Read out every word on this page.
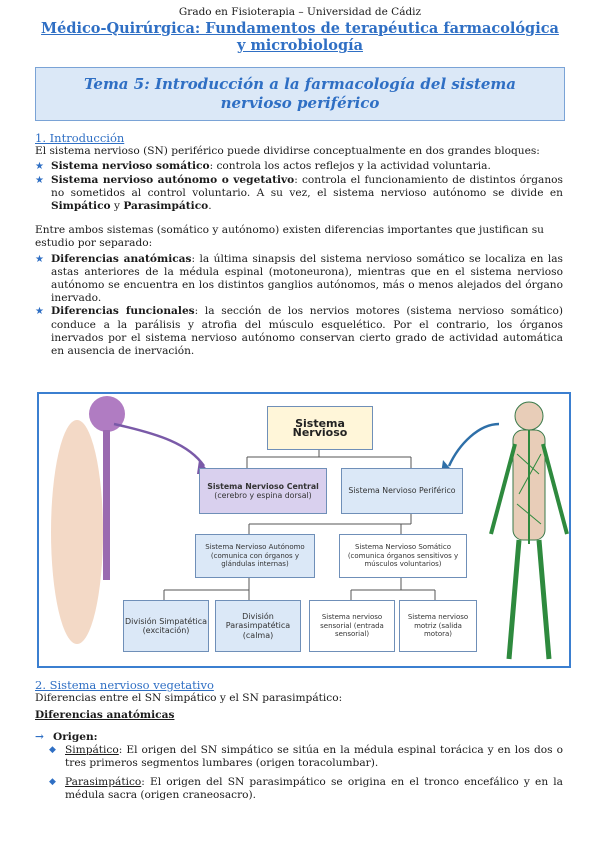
Grado en Fisioterapia – Universidad de Cádiz
Médico-Quirúrgica: Fundamentos de terapéutica farmacológica y microbiología
Tema 5: Introducción a la farmacología del sistema nervioso periférico
1. Introducción
El sistema nervioso (SN) periférico puede dividirse conceptualmente en dos grandes bloques:
★ Sistema nervioso somático: controla los actos reflejos y la actividad voluntaria.
★ Sistema nervioso autónomo o vegetativo: controla el funcionamiento de distintos órganos no sometidos al control voluntario. A su vez, el sistema nervioso autónomo se divide en Simpático y Parasimpático.
Entre ambos sistemas (somático y autónomo) existen diferencias importantes que justifican su estudio por separado:
★ Diferencias anatómicas: la última sinapsis del sistema nervioso somático se localiza en las astas anteriores de la médula espinal (motoneurona), mientras que en el sistema nervioso autónomo se encuentra en los distintos ganglios autónomos, más o menos alejados del órgano inervado.
★ Diferencias funcionales: la sección de los nervios motores (sistema nervioso somático) conduce a la parálisis y atrofia del músculo esquelético. Por el contrario, los órganos inervados por el sistema nervioso autónomo conservan cierto grado de actividad automática en ausencia de inervación.
Sistema Nervioso
Sistema Nervioso Central
(cerebro y espina dorsal)
Sistema Nervioso Periférico
Sistema Nervioso Autónomo
(comunica con órganos y glándulas internas)
Sistema Nervioso Somático
(comunica órganos sensitivos y músculos voluntarios)
División Simpatética
(excitación)
División Parasimpatética
(calma)
Sistema nervioso sensorial (entrada sensorial)
Sistema nervioso motriz (salida motora)
2. Sistema nervioso vegetativo
Diferencias entre el SN simpático y el SN parasimpático:
Diferencias anatómicas
→ Origen:
◆ Simpático: El origen del SN simpático se sitúa en la médula espinal torácica y en los dos o tres primeros segmentos lumbares (origen toracolumbar).
◆ Parasimpático: El origen del SN parasimpático se origina en el tronco encefálico y en la médula sacra (origen craneosacro).
